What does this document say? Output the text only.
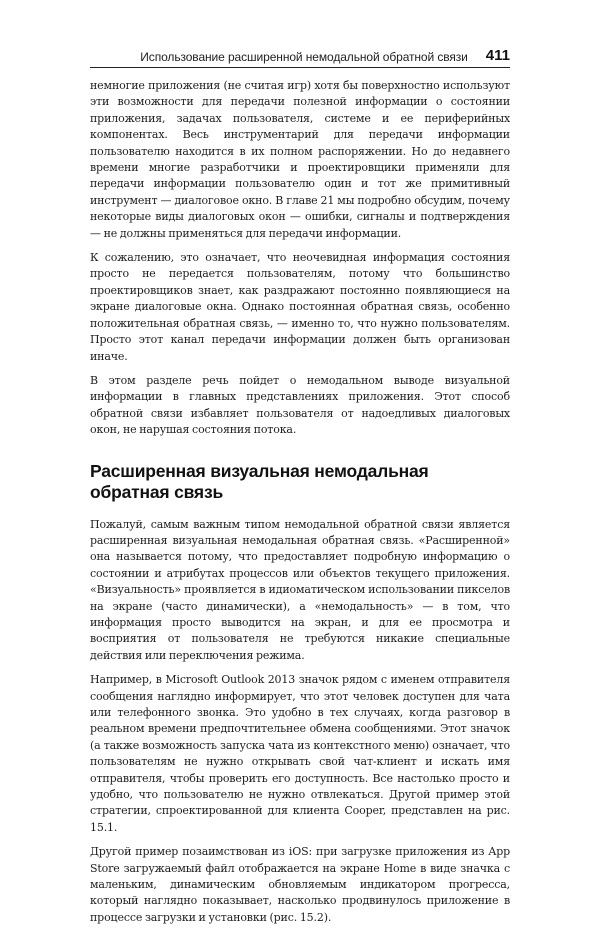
Использование расширенной немодальной обратной связи 411

немногие приложения (не считая игр) хотя бы поверхностно используют эти возможности для передачи полезной информации о состоянии приложения, задачах пользователя, системе и ее периферийных компонентах. Весь инструментарий для передачи информации пользователю находится в их полном распоряжении. Но до недавнего времени многие разработчики и проектировщики применяли для передачи информации пользователю один и тот же примитивный инструмент — диалоговое окно. В главе 21 мы подробно обсудим, почему некоторые виды диалоговых окон — ошибки, сигналы и подтверждения — не должны применяться для передачи информации.

К сожалению, это означает, что неочевидная информация состояния просто не передается пользователям, потому что большинство проектировщиков знает, как раздражают постоянно появляющиеся на экране диалоговые окна. Однако постоянная обратная связь, особенно положительная обратная связь, — именно то, что нужно пользователям. Просто этот канал передачи информации должен быть организован иначе.

В этом разделе речь пойдет о немодальном выводе визуальной информации в главных представлениях приложения. Этот способ обратной связи избавляет пользователя от надоедливых диалоговых окон, не нарушая состояния потока.

Расширенная визуальная немодальная обратная связь

Пожалуй, самым важным типом немодальной обратной связи является расширенная визуальная немодальная обратная связь. «Расширенной» она называется потому, что предоставляет подробную информацию о состоянии и атрибутах процессов или объектов текущего приложения. «Визуальность» проявляется в идиоматическом использовании пикселов на экране (часто динамически), а «немодальность» — в том, что информация просто выводится на экран, и для ее просмотра и восприятия от пользователя не требуются никакие специальные действия или переключения режима.

Например, в Microsoft Outlook 2013 значок рядом с именем отправителя сообщения наглядно информирует, что этот человек доступен для чата или телефонного звонка. Это удобно в тех случаях, когда разговор в реальном времени предпочтительнее обмена сообщениями. Этот значок (а также возможность запуска чата из контекстного меню) означает, что пользователям не нужно открывать свой чат-клиент и искать имя отправителя, чтобы проверить его доступность. Все настолько просто и удобно, что пользователю не нужно отвлекаться. Другой пример этой стратегии, спроектированной для клиента Cooper, представлен на рис. 15.1.

Другой пример позаимствован из iOS: при загрузке приложения из App Store загружаемый файл отображается на экране Home в виде значка с маленьким, динамическим обновляемым индикатором прогресса, который наглядно показывает, насколько продвинулось приложение в процессе загрузки и установки (рис. 15.2).
